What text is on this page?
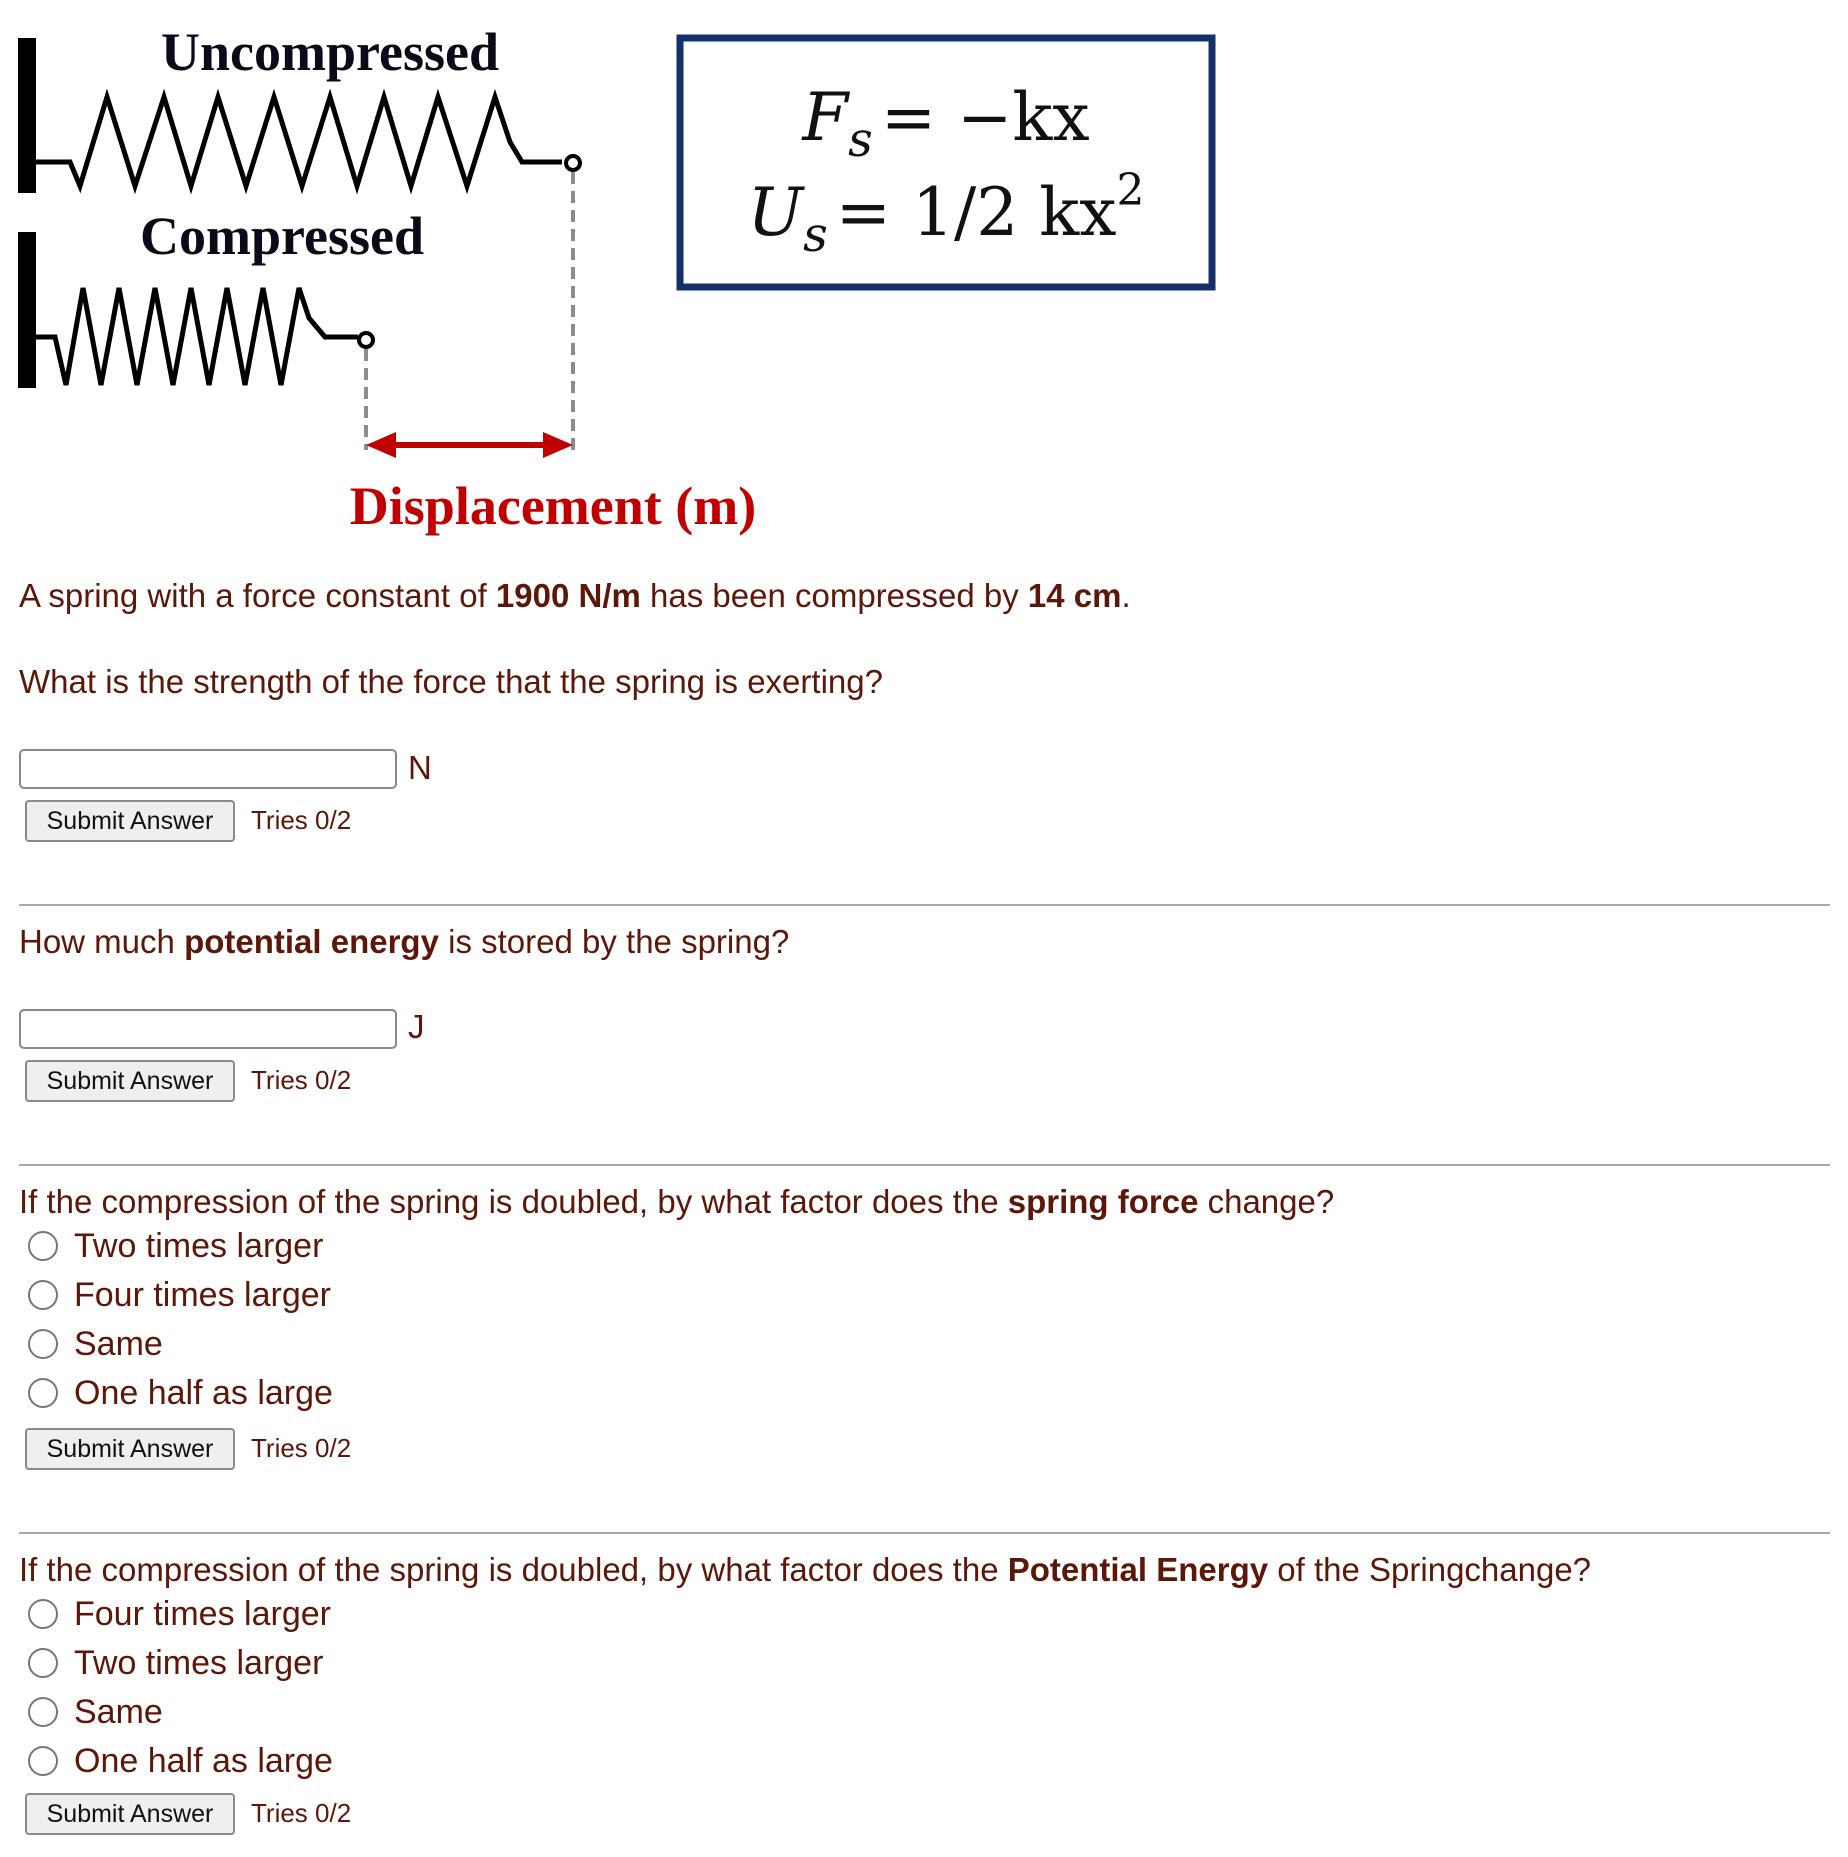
Uncompressed
Compressed
Displacement (m)
$F_s = -kx$
$U_s = 1/2$ $kx^2$
A spring with a force constant of 1900 N/m has been compressed by 14 cm.
What is the strength of the force that the spring is exerting?
N
Submit Answer	Tries 0/2
How much potential energy is stored by the spring?
J
Submit Answer	Tries 0/2
If the compression of the spring is doubled, by what factor does the spring force change?
Two times larger
Four times larger
Same
One half as large
Submit Answer	Tries 0/2
If the compression of the spring is doubled, by what factor does the Potential Energy of the Springchange?
Four times larger
Two times larger
Same
One half as large
Submit Answer	Tries 0/2
